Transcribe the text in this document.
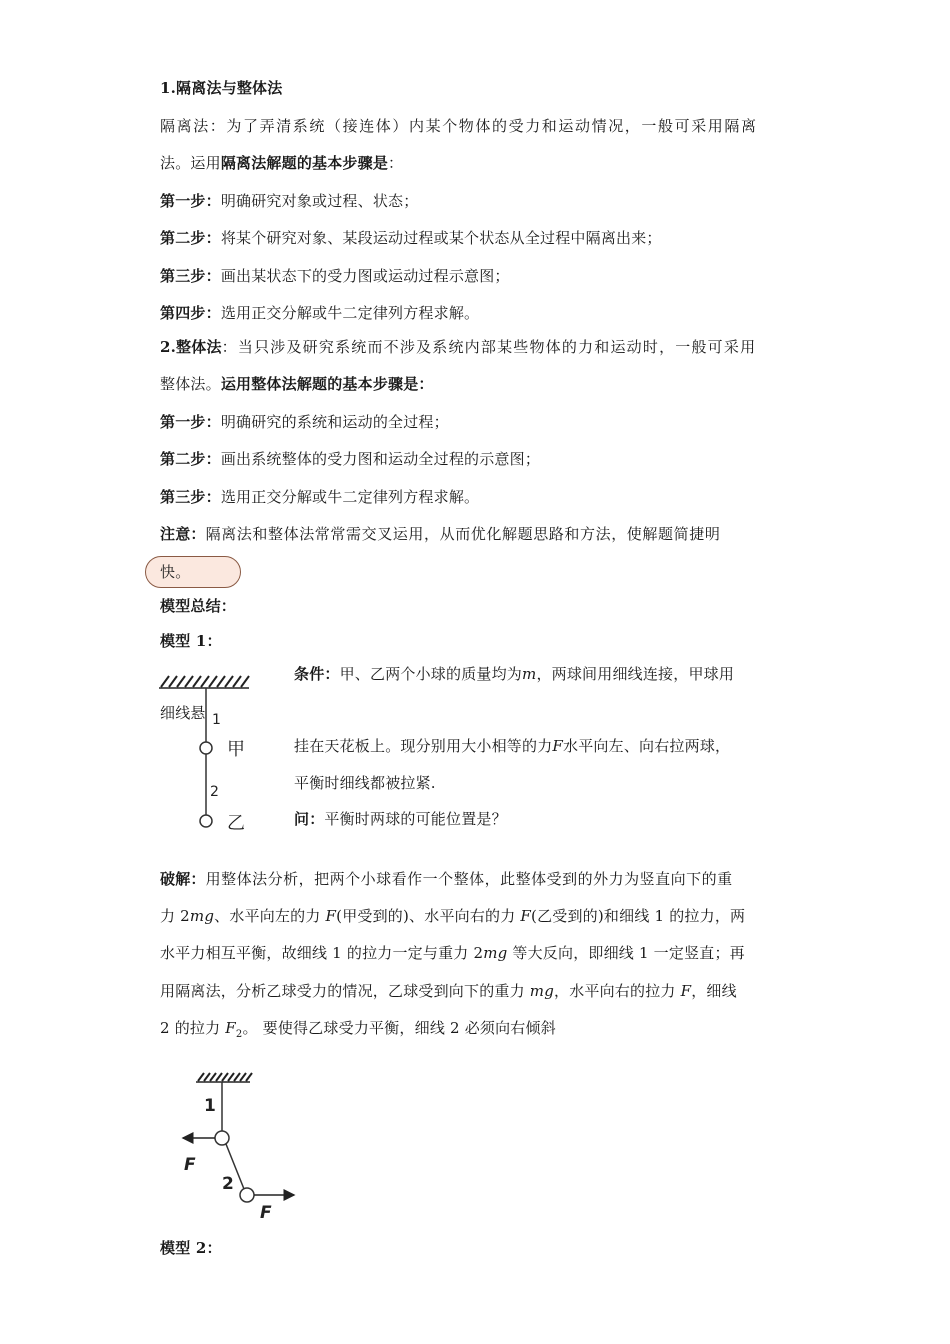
1.隔离法与整体法
隔离法：为了弄清系统（接连体）内某个物体的受力和运动情况，一般可采用隔离
法。运用隔离法解题的基本步骤是：
第一步：明确研究对象或过程、状态；
第二步：将某个研究对象、某段运动过程或某个状态从全过程中隔离出来；
第三步：画出某状态下的受力图或运动过程示意图；
第四步：选用正交分解或牛二定律列方程求解。
2.整体法：当只涉及研究系统而不涉及系统内部某些物体的力和运动时，一般可采用
整体法。运用整体法解题的基本步骤是：
第一步：明确研究的系统和运动的全过程；
第二步：画出系统整体的受力图和运动全过程的示意图；
第三步：选用正交分解或牛二定律列方程求解。
注意：隔离法和整体法常常需交叉运用，从而优化解题思路和方法，使解题简捷明
快。
模型总结：
模型 1：
1
2
甲
乙
条件：甲、乙两个小球的质量均为m，两球间用细线连接，甲球用
细线悬
挂在天花板上。现分别用大小相等的力F水平向左、向右拉两球，
平衡时细线都被拉紧.
问：平衡时两球的可能位置是？
破解：用整体法分析，把两个小球看作一个整体，此整体受到的外力为竖直向下的重
力 2mg、水平向左的力 F(甲受到的)、水平向右的力 F(乙受到的)和细线 1 的拉力，两
水平力相互平衡，故细线 1 的拉力一定与重力 2mg 等大反向，即细线 1 一定竖直；再
用隔离法，分析乙球受力的情况，乙球受到向下的重力 mg，水平向右的拉力 F，细线
2 的拉力 $F_2$。 要使得乙球受力平衡，细线 2 必须向右倾斜
1
2
F
F
模型 2：
